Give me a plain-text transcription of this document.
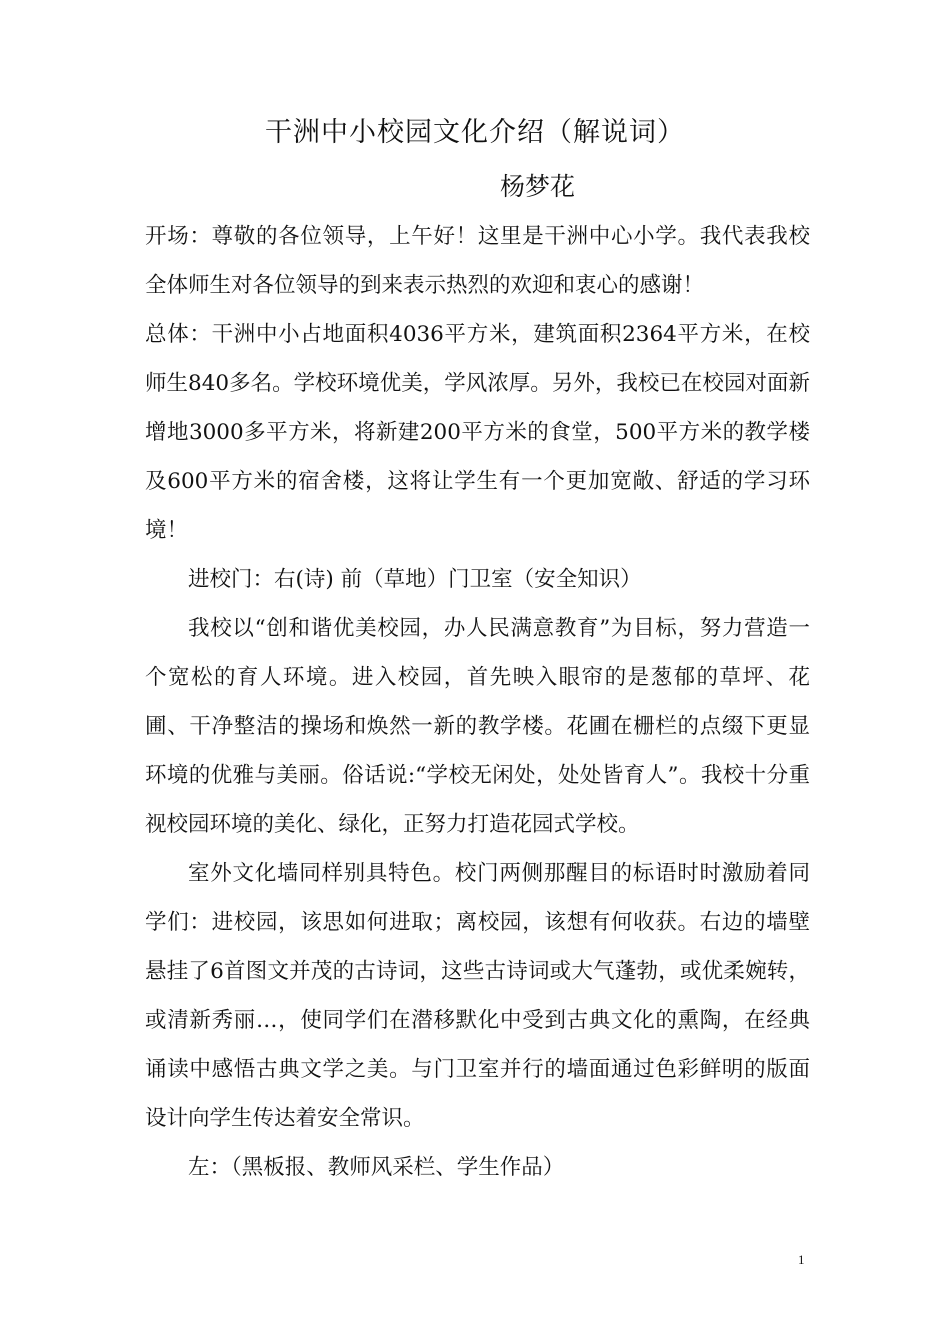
干洲中小校园文化介绍（解说词）
杨梦花

开场：尊敬的各位领导，上午好！这里是干洲中心小学。我代表我校全体师生对各位领导的到来表示热烈的欢迎和衷心的感谢！

总体：干洲中小占地面积4036平方米，建筑面积2364平方米，在校师生840多名。学校环境优美，学风浓厚。另外，我校已在校园对面新增地3000多平方米，将新建200平方米的食堂，500平方米的教学楼及600平方米的宿舍楼，这将让学生有一个更加宽敞、舒适的学习环境！

进校门：右(诗) 前（草地）门卫室（安全知识）

我校以“创和谐优美校园，办人民满意教育”为目标，努力营造一个宽松的育人环境。进入校园，首先映入眼帘的是葱郁的草坪、花圃、干净整洁的操场和焕然一新的教学楼。花圃在栅栏的点缀下更显环境的优雅与美丽。俗话说:“学校无闲处，处处皆育人”。我校十分重视校园环境的美化、绿化，正努力打造花园式学校。

室外文化墙同样别具特色。校门两侧那醒目的标语时时激励着同学们：进校园，该思如何进取；离校园，该想有何收获。右边的墙壁悬挂了6首图文并茂的古诗词，这些古诗词或大气蓬勃，或优柔婉转，或清新秀丽…，使同学们在潜移默化中受到古典文化的熏陶，在经典诵读中感悟古典文学之美。与门卫室并行的墙面通过色彩鲜明的版面设计向学生传达着安全常识。

左：（黑板报、教师风采栏、学生作品）

1
